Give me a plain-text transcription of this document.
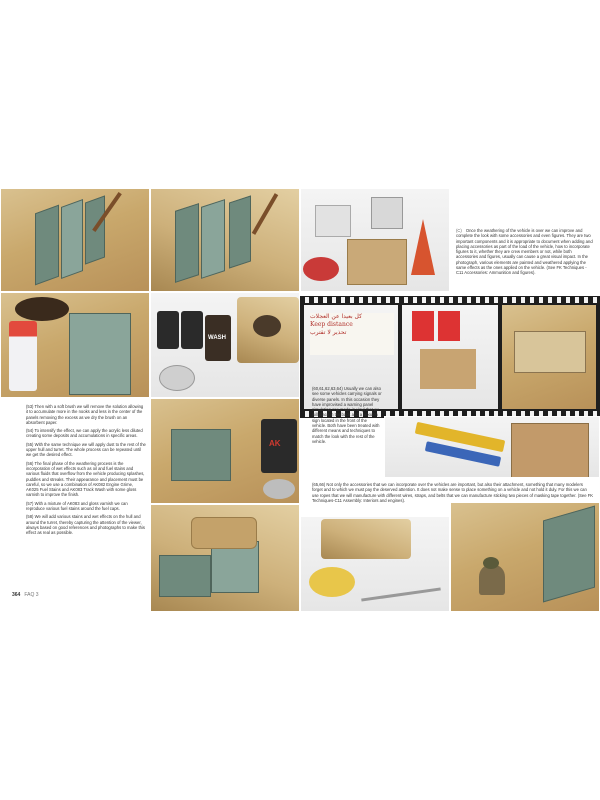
WASH

(53) Then with a soft brush we will remove the solution allowing it to accumulate more in the nooks and less in the center of the panels removing the excess as we dry the brush on an absorbent paper.

(54) To intensify the effect, we can apply the acrylic less diluted creating some deposits and accumulations in specific areas.

(55) With the same technique we will apply dust to the rest of the upper hull and turret. The whole process can be repeated until we get the desired effect.

(56) The final phase of the weathering process is the incorporation of wet effects such as oil and fuel stains and various fluids that overflow from the vehicle producing splashes, puddles and streaks. Their appearance and placement must be careful, so we use a combination of AK082 Engine Grime, AK025 Fuel Stains and AK083 Track Wash with some gloss varnish to improve the finish.

(57) With a mixture of AK083 and gloss varnish we can reproduce various fuel stains around the fuel caps.

(58) We will add various stains and wet effects on the hull and around the turret, thereby capturing the attention of the viewer, always based on good references and photographs to make this effect as real as possible.

AK
364 FAQ 3

(C) Once the weathering of the vehicle is over we can improve and complete the look with some accessories and even figures. They are two important components and it is appropriate to document when adding and placing accessories as part of the load of the vehicle, how to incorporate figures to it, whether they are crew members or not, while both accessories and figures, usually can cause a great visual impact. In the photograph, various elements are painted and weathered applying the same effects as the ones applied on the vehicle. (See FK Techniques - C11 Accessories: Ammunition and figures).

كل بعيدا عن العجلات
Keep distance
تحذير لا تقترب

(60,61,62,63,64) Usually we can also see some vehicles carrying signals or diverse panels. In this occasion they have improvised a warning panel simulating one made in vinyl that we will place in the back and a wooden sign located in the front of the vehicle. Both have been treated with different means and techniques to match the look with the rest of the vehicle.

(65,66) Not only the accessories that we can incorporate over the vehicles are important, but also their attachment, something that many modelers forget and to which we must pay the deserved attention. It does not make sense to place something on a vehicle and not hold it duly. For this we can use ropes that we will manufacture with different wires, straps, and belts that we can manufacture sticking two pieces of masking tape together. (See FK Techniques-C11 Assembly: Interiors and engines).
